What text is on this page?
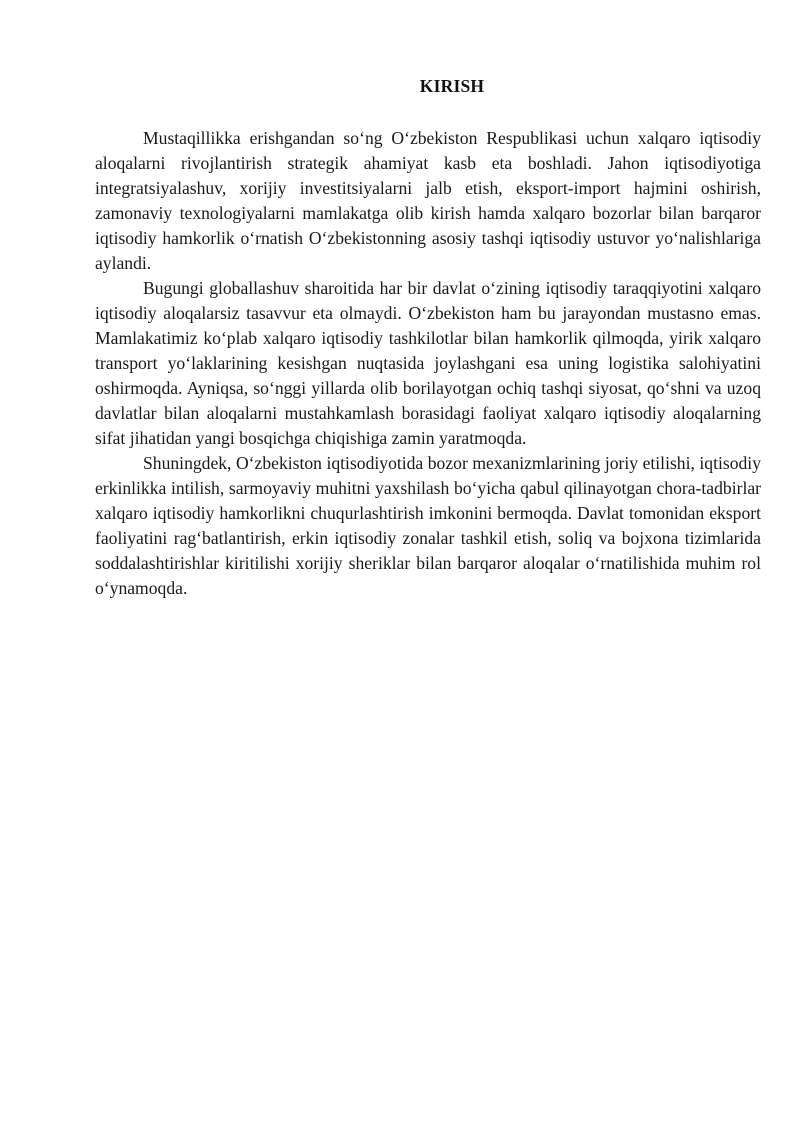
KIRISH

Mustaqillikka erishgandan so‘ng O‘zbekiston Respublikasi uchun xalqaro iqtisodiy aloqalarni rivojlantirish strategik ahamiyat kasb eta boshladi. Jahon iqtisodiyotiga integratsiyalashuv, xorijiy investitsiyalarni jalb etish, eksport-import hajmini oshirish, zamonaviy texnologiyalarni mamlakatga olib kirish hamda xalqaro bozorlar bilan barqaror iqtisodiy hamkorlik o‘rnatish O‘zbekistonning asosiy tashqi iqtisodiy ustuvor yo‘nalishlariga aylandi.

Bugungi globallashuv sharoitida har bir davlat o‘zining iqtisodiy taraqqiyotini xalqaro iqtisodiy aloqalarsiz tasavvur eta olmaydi. O‘zbekiston ham bu jarayondan mustasno emas. Mamlakatimiz ko‘plab xalqaro iqtisodiy tashkilotlar bilan hamkorlik qilmoqda, yirik xalqaro transport yo‘laklarining kesishgan nuqtasida joylashgani esa uning logistika salohiyatini oshirmoqda. Ayniqsa, so‘nggi yillarda olib borilayotgan ochiq tashqi siyosat, qo‘shni va uzoq davlatlar bilan aloqalarni mustahkamlash borasidagi faoliyat xalqaro iqtisodiy aloqalarning sifat jihatidan yangi bosqichga chiqishiga zamin yaratmoqda.

Shuningdek, O‘zbekiston iqtisodiyotida bozor mexanizmlarining joriy etilishi, iqtisodiy erkinlikka intilish, sarmoyaviy muhitni yaxshilash bo‘yicha qabul qilinayotgan chora-tadbirlar xalqaro iqtisodiy hamkorlikni chuqurlashtirish imkonini bermoqda. Davlat tomonidan eksport faoliyatini rag‘batlantirish, erkin iqtisodiy zonalar tashkil etish, soliq va bojxona tizimlarida soddalashtirishlar kiritilishi xorijiy sheriklar bilan barqaror aloqalar o‘rnatilishida muhim rol o‘ynamoqda.
